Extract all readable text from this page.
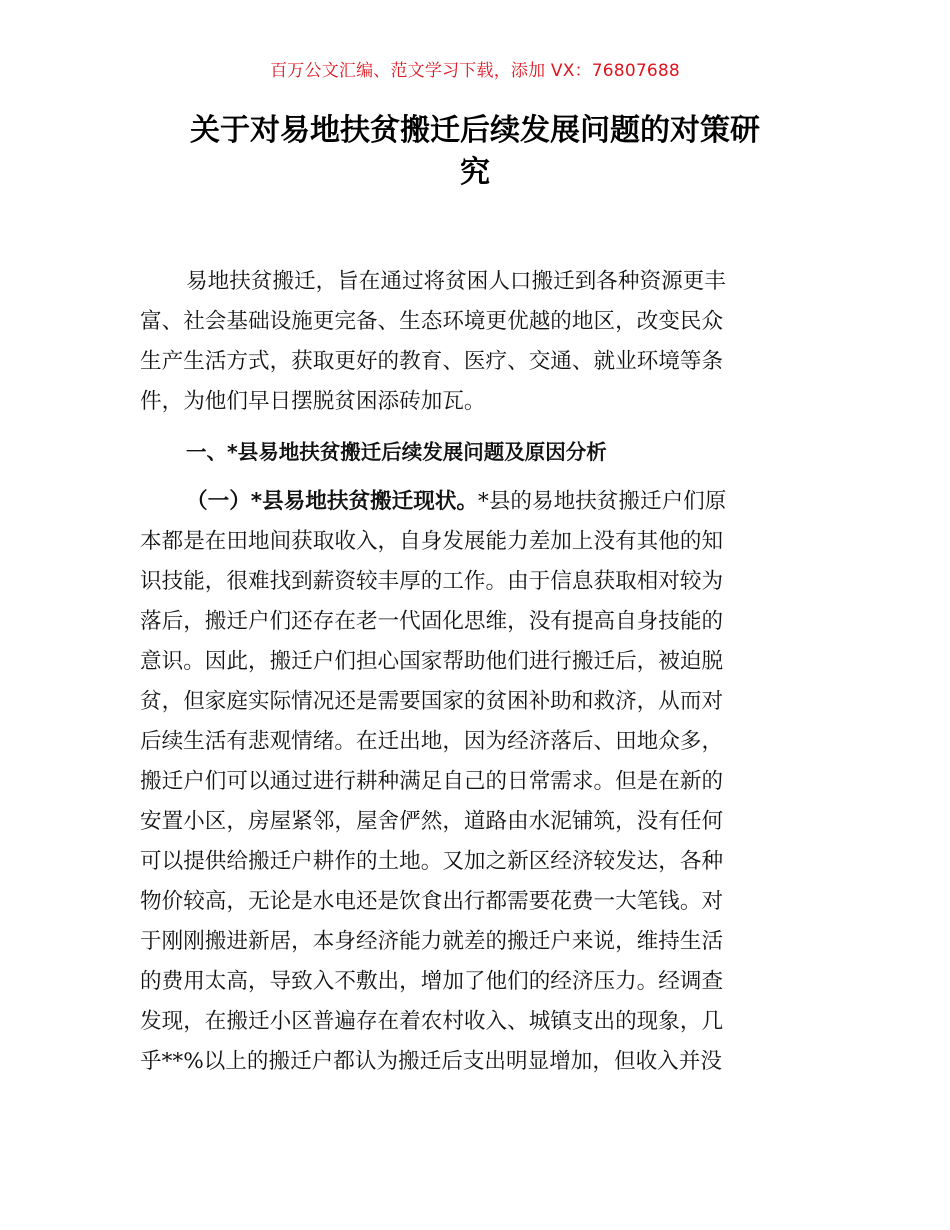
百万公文汇编、范文学习下载，添加 VX：76807688
关于对易地扶贫搬迁后续发展问题的对策研
究
易地扶贫搬迁，旨在通过将贫困人口搬迁到各种资源更丰
富、社会基础设施更完备、生态环境更优越的地区，改变民众
生产生活方式，获取更好的教育、医疗、交通、就业环境等条
件，为他们早日摆脱贫困添砖加瓦。
一、*县易地扶贫搬迁后续发展问题及原因分析
（一）*县易地扶贫搬迁现状。*县的易地扶贫搬迁户们原
本都是在田地间获取收入，自身发展能力差加上没有其他的知
识技能，很难找到薪资较丰厚的工作。由于信息获取相对较为
落后，搬迁户们还存在老一代固化思维，没有提高自身技能的
意识。因此，搬迁户们担心国家帮助他们进行搬迁后，被迫脱
贫，但家庭实际情况还是需要国家的贫困补助和救济，从而对
后续生活有悲观情绪。在迁出地，因为经济落后、田地众多，
搬迁户们可以通过进行耕种满足自己的日常需求。但是在新的
安置小区，房屋紧邻，屋舍俨然，道路由水泥铺筑，没有任何
可以提供给搬迁户耕作的土地。又加之新区经济较发达，各种
物价较高，无论是水电还是饮食出行都需要花费一大笔钱。对
于刚刚搬进新居，本身经济能力就差的搬迁户来说，维持生活
的费用太高，导致入不敷出，增加了他们的经济压力。经调查
发现，在搬迁小区普遍存在着农村收入、城镇支出的现象，几
乎**%以上的搬迁户都认为搬迁后支出明显增加，但收入并没
